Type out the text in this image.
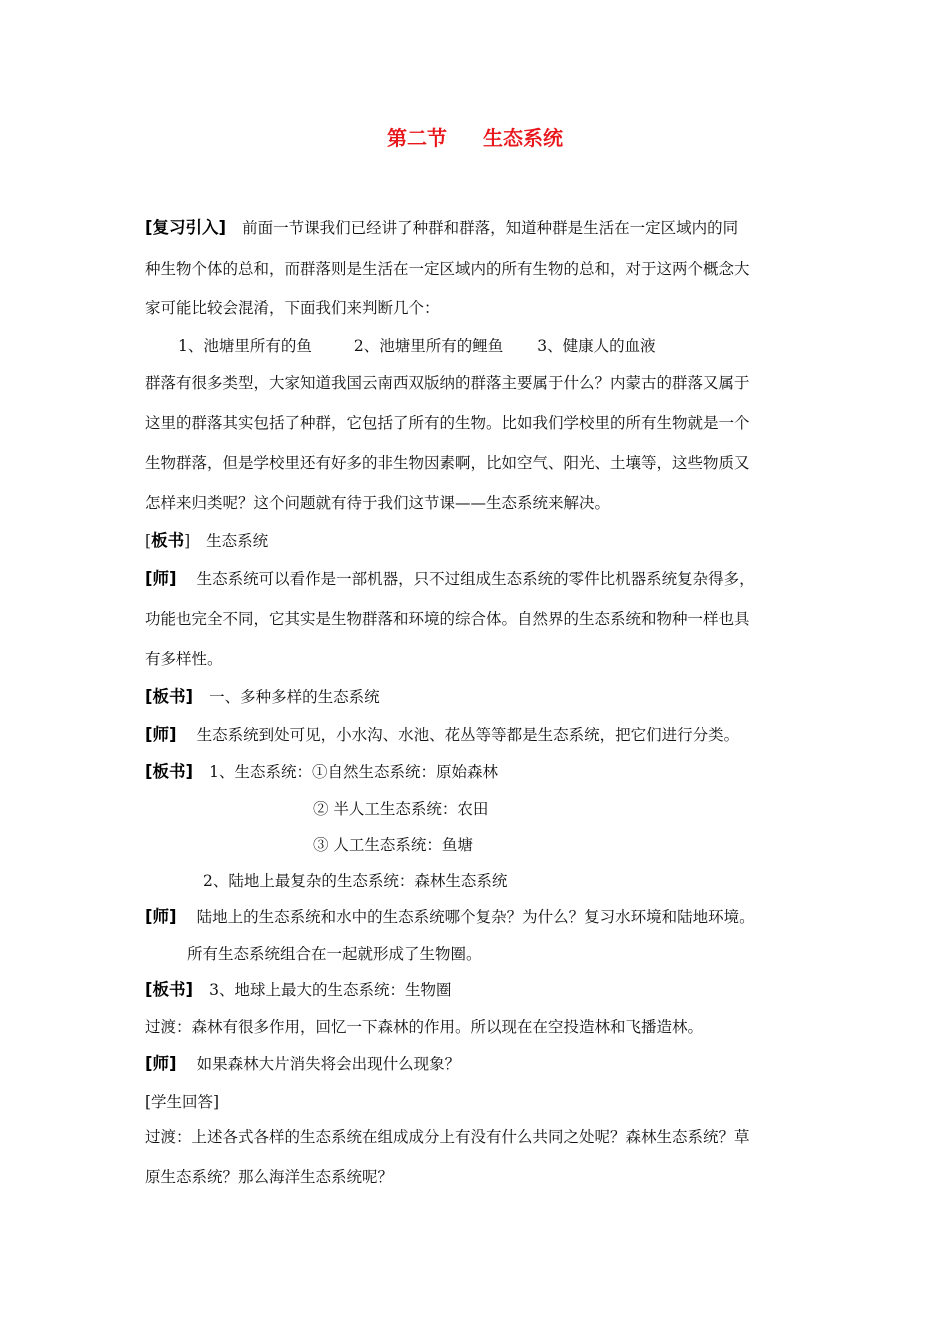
第二节 生态系统
[复习引入] 前面一节课我们已经讲了种群和群落，知道种群是生活在一定区域内的同
种生物个体的总和，而群落则是生活在一定区域内的所有生物的总和，对于这两个概念大
家可能比较会混淆，下面我们来判断几个：
1、池塘里所有的鱼	2、池塘里所有的鲤鱼 3、健康人的血液
群落有很多类型，大家知道我国云南西双版纳的群落主要属于什么？内蒙古的群落又属于
这里的群落其实包括了种群，它包括了所有的生物。比如我们学校里的所有生物就是一个
生物群落，但是学校里还有好多的非生物因素啊，比如空气、阳光、土壤等，这些物质又
怎样来归类呢？这个问题就有待于我们这节课——生态系统来解决。
[板书] 生态系统
[师] 生态系统可以看作是一部机器，只不过组成生态系统的零件比机器系统复杂得多，
功能也完全不同，它其实是生物群落和环境的综合体。自然界的生态系统和物种一样也具
有多样性。
[板书] 一、多种多样的生态系统
[师] 生态系统到处可见，小水沟、水池、花丛等等都是生态系统，把它们进行分类。
[板书] 1、生态系统：①自然生态系统：原始森林
② 半人工生态系统：农田
③ 人工生态系统：鱼塘
2、陆地上最复杂的生态系统：森林生态系统
[师] 陆地上的生态系统和水中的生态系统哪个复杂？为什么？复习水环境和陆地环境。
所有生态系统组合在一起就形成了生物圈。
[板书] 3、地球上最大的生态系统：生物圈
过渡：森林有很多作用，回忆一下森林的作用。所以现在在空投造林和飞播造林。
[师] 如果森林大片消失将会出现什么现象？
[学生回答]
过渡：上述各式各样的生态系统在组成成分上有没有什么共同之处呢？森林生态系统？草
原生态系统？那么海洋生态系统呢？
